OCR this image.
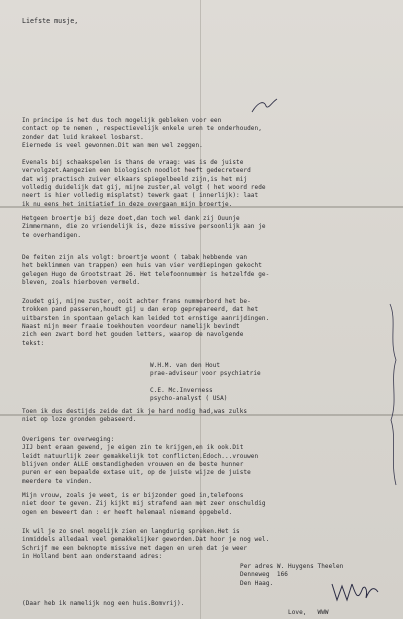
Liefste musje,
In principe is het dus toch mogelijk gebleken voor een
contact op te nemen , respectievelijk enkele uren te onderhouden,
zonder dat luid krakeel losbarst.
Eiernede is veel gewonnen.Dit wan men wel zeggen.
Evenals bij schaakspelen is thans de vraag: was is de juiste
vervolgzet.Aangezien een biologisch noodlot heeft gedecreteerd
dat wij practisch zuiver elkaars spiegelbeeld zijn,is het mij
volledig duidelijk dat gij, mijne zuster,al volgt ( het woord rede
neert is hier volledig misplatst) tewerk gaat ( innerlijk): laat
ik nu eens het initiatief in deze overgaan mijn broertje.
Hetgeen broertje bij deze doet,dan toch wel dank zij Ouunje
Zimmermann, die zo vriendelijk is, deze missive persoonlijk aan je
te overhandigen.
De feiten zijn als volgt: broertje woont ( tabak hebbende van
het beklimmen van trappen) een huis van vier verdiepingen gekocht
gelegen Hugo de Grootstraat 26. Het telefoonnummer is hetzelfde ge-
bleven, zoals hierboven vermeld.
Zoudet gij, mijne zuster, ooit achter frans nummerbord het be-
trokken pand passeren,houdt gij u dan erop geprepareerd, dat het
uitbarsten in spontaan gelach kan leided tot ernstige aanrijdingen.
Naast mijn meer fraaie toekhouten voordeur namelijk bevindt
zich een zwart bord het gouden letters, waarop de navolgende
tekst:
W.H.M. van den Hout
prae-adviseur voor psychiatrie
C.E. Mc.Inverness
psycho-analyst ( USA)
Toen ik dus destijds zeide dat ik je hard nodig had,was zulks
niet op loze gronden gebaseerd.
Overigens ter overweging:
JIJ bent eraan gewend, je eigen zin te krijgen,en ik ook.Dit
leidt natuurlijk zeer gemakkelijk tot conflicten.Edoch...vrouwen
blijven onder ALLE omstandigheden vrouwen en de beste hunner
puren er een bepaalde extase uit, op de juiste wijze de juiste
meerdere te vinden.
Mijn vrouw, zoals je weet, is er bijzonder goed in,telefoons
niet door te geven. Zij kijkt mij strafend aan met zeer onschuldig
ogen en beweert dan : er heeft helemaal niemand opgebeld.
Ik wil je zo snel mogelijk zien en langdurig spreken.Het is
inmiddels alledaal veel gemakkelijker geworden.Dat hoor je nog wel.
Schrijf me een beknopte missive met dagen en uren dat je weer
in Holland bent aan onderstaand adres:
Per adres W. Huygens Theelen
Denneweg  166
Den Haag.
(Daar heb ik namelijk nog een huis.Bomvrij).
Love,   WWW
